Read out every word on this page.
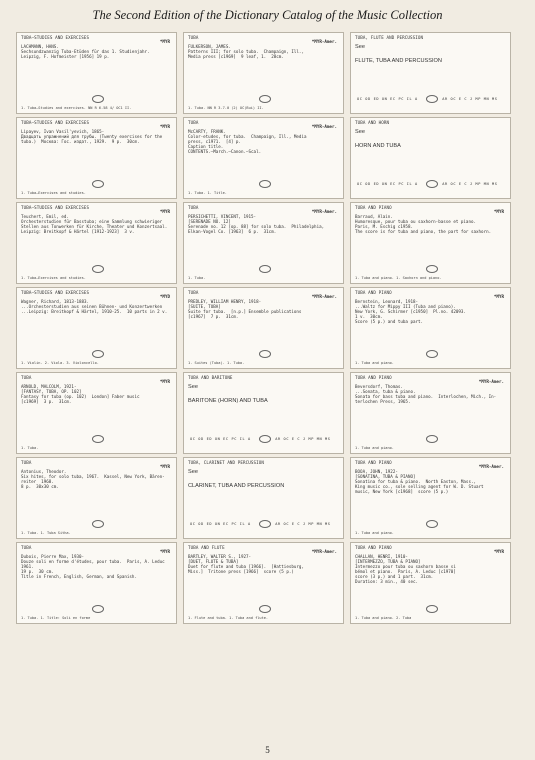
The Second Edition of the Dictionary Catalog of the Music Collection
TUBA—STUDIES AND EXERCISES
*MYR
LACHMANN, HANS.
Sechsundzwanzig Tuba-Etüden für das 1. Studienjahr.
Leipzig, F. Hofmeister [1956] 19 p.
1. Tuba—Studies and exercises. NN R 6.58 4/ OC1 II.
TUBA
*MYR-Amer.
FULKERSON, JAMES.
Patterns III; for solo tuba.  Champaign, Ill.,
Media press [c1969]  9 leaf, 1.  28cm.
1. Tuba. NN R 3.7.0 (2) OC(Bui) II.
TUBA, FLUTE AND PERCUSSION
See

FLUTE, TUBA AND PERCUSSION
OC OD ED ON EC PC IL A	AR OC E C J MP MN MS
TUBA—STUDIES AND EXERCISES
*MYR
Lipayev, Ivan Vasil'yevich, 1865-
Двадцать упражнений для трубы. (Twenty exercises for the
tuba.)  Москва: Гос. издат., 1929.  9 p.  30cm.
1. Tuba—Exercises and studies.
TUBA
*MYR-Amer.
McCARTY, FRANK.
Color-etudes, for tuba.  Champaign, Ill., Media
press, c1971.  [4] p.
Caption title.
CONTENTS.—March.—Canon.—Scal.
1. Tuba. 1. Title.
TUBA AND HORN
See

HORN AND TUBA
OC OD ED ON EC PC IL A	AR OC E C J MP MN MS
TUBA—STUDIES AND EXERCISES
*MYR
Teuchert, Emil, ed.
Orchesterstudien für Basstuba; eine Sammlung schwieriger
Stellen aus Tonwerken für Kirche, Theater und Konzertsaal.
Leipzig: Breitkopf & Härtel [1912-1923]  3 v.
1. Tuba—Exercises and studies.
TUBA
*MYR-Amer.
PERSICHETTI, VINCENT, 1915-
[SERENADE NO. 12]
Serenade no. 12 [op. 88] for solo tuba.  Philadelphia,
Elkan-Vogel Co. [1963]  6 p.  31cm.
1. Tuba.
TUBA AND PIANO
*MYR
Barraud, Alain.
Humoresque, pour tuba ou saxhorn-basse et piano.
Paris, M. Eschig c1958.
The score is for tuba and piano, the part for saxhorn.
1. Tuba and piano. 1. Saxhorn and piano.
TUBA—STUDIES AND EXERCISES
*MYD
Wagner, Richard, 1813-1883.
...Orchesterstudien aus seinen Bühnen- und Konzertwerken
...Leipzig: Breitkopf & Härtel, 1910-25.  10 parts in 2 v.
1. Violin. 2. Viola. 3. Violoncello.
TUBA
*MYR-Amer.
PREDLEY, WILLIAM HENRY, 1918-
[SUITE, TUBA]
Suite for tuba.  [n.p.] Ensemble publications
[c1967]  7 p.  31cm.
1. Suites (Tuba). 1. Tuba.
TUBA AND PIANO
*MYR
Bernstein, Leonard, 1918-
...Waltz for Mippy III (Tuba and piano).
New York, G. Schirmer [c1950]  Pl.no. 42093.
1 v.  30cm.
Score (5 p.) and tuba part.
1. Tuba and piano.
TUBA
*MYR
ARNOLD, MALCOLM, 1921-
[FANTASY, TUBA, OP. 102]
Fantasy for tuba (op. 102)  London] Faber music
[c1969]  3 p.  31cm.
1. Tuba.
TUBA AND BARITONE
See

BARITONE (HORN) AND TUBA
OC OD ED ON EC PC IL A	AR OC E C J MP MN MS
TUBA AND PIANO
*MYR-Amer.
Beversdorf, Thomas.
...Sonata, tuba & piano.
Sonata for bass tuba and piano.  Interlochen, Mich., In-
terlochen Press, 1965.
1. Tuba and piano.
TUBA
*MYR
Antonius, Theodor.
Six hites, for solo tuba, 1967.  Kassel, New York, Bären-
reiter  1968.
8 p.  30x30 cm.
1. Tuba. 1. Tuba Sitha.
TUBA, CLARINET AND PERCUSSION
See

CLARINET, TUBA AND PERCUSSION
OC OD ED ON EC PC IL A	AR OC E C J MP MN MS
TUBA AND PIANO
*MYR-Amer.
BOOA, JOHN, 1922-
[SONATINA, TUBA & PIANO]
Sonatina for tuba & piano.  North Easton, Mass.,
King music co., sole selling agent for W. D. Stuart
music, New York [c1968]  score (5 p.)
1. Tuba and piano.
TUBA
*MYR
Dubois, Pierre Max, 1930-
Douze soli en forme d'études, pour tuba.  Paris, A. Leduc
1961.
19 p.  30 cm.
Title in French, English, German, and Spanish.
1. Tuba. 1. Title: Soli en forme
TUBA AND FLUTE
*MYR-Amer.
BARTLEY, WALTER S., 1927-
[DUET, FLUTE & TUBA]
Duet for flute and tuba [1966].  [Hattiesburg,
Miss.]  Tritone press [1966]  score (5 p.)
1. Flute and tuba. 1. Tuba and flute.
TUBA AND PIANO
*MYR
CHALLAN, HENRI, 1910-
[INTERMEZZO, TUBA & PIANO]
Intermezzo pour tuba ou saxhorn basse si
bémol et piano.  Paris, A. Leduc [c1970]
score (3 p.) and 1 part.  31cm.
Duration: 3 min., 40 sec.
1. Tuba and piano. 2. Tuba
5
